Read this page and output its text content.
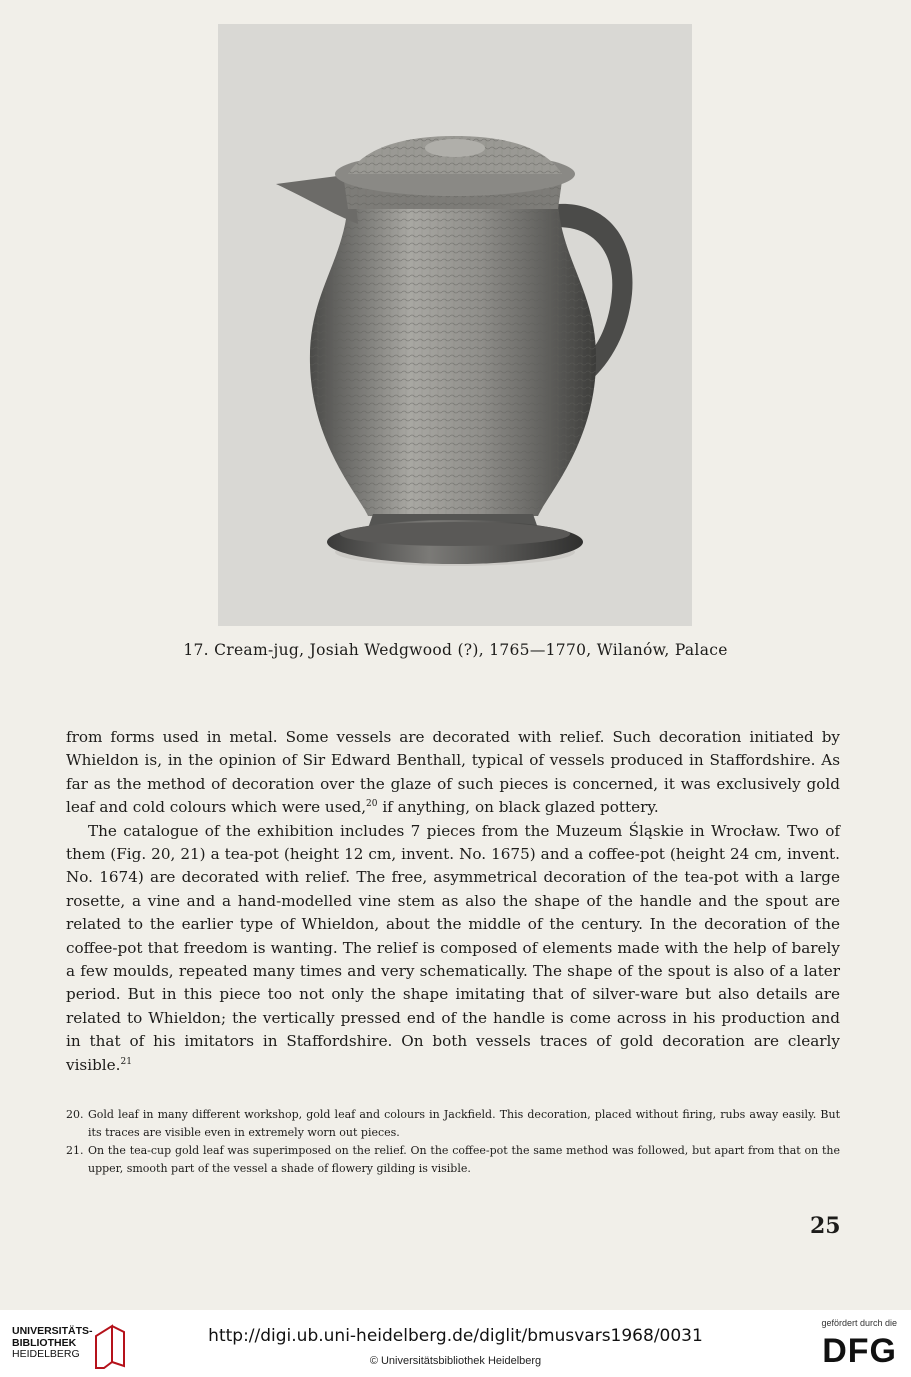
17. Cream-jug, Josiah Wedgwood (?), 1765—1770, Wilanów, Palace

from forms used in metal. Some vessels are decorated with relief. Such decoration initiated by Whieldon is, in the opinion of Sir Edward Benthall, typical of vessels produced in Staffordshire. As far as the method of decoration over the glaze of such pieces is concerned, it was exclusively gold leaf and cold colours which were used,$^{20}$ if anything, on black glazed pottery.

The catalogue of the exhibition includes 7 pieces from the Muzeum Śląskie in Wrocław. Two of them (Fig. 20, 21) a tea-pot (height 12 cm, invent. No. 1675) and a coffee-pot (height 24 cm, invent. No. 1674) are decorated with relief. The free, asymmetrical decoration of the tea-pot with a large rosette, a vine and a hand-modelled vine stem as also the shape of the handle and the spout are related to the earlier type of Whieldon, about the middle of the century. In the decoration of the coffee-pot that freedom is wanting. The relief is composed of elements made with the help of barely a few moulds, repeated many times and very schematically. The shape of the spout is also of a later period. But in this piece too not only the shape imitating that of silver-ware but also details are related to Whieldon; the vertically pressed end of the handle is come across in his production and in that of his imitators in Staffordshire. On both vessels traces of gold decoration are clearly visible.$^{21}$

20. Gold leaf in many different workshop, gold leaf and colours in Jackfield. This decoration, placed without firing, rubs away easily. But its traces are visible even in extremely worn out pieces.
21. On the tea-cup gold leaf was superimposed on the relief. On the coffee-pot the same method was followed, but apart from that on the upper, smooth part of the vessel a shade of flowery gilding is visible.
25
UNIVERSITÄTS-
BIBLIOTHEK
HEIDELBERG
http://digi.ub.uni-heidelberg.de/diglit/bmusvars1968/0031
© Universitätsbibliothek Heidelberg
gefördert durch die
DFG
